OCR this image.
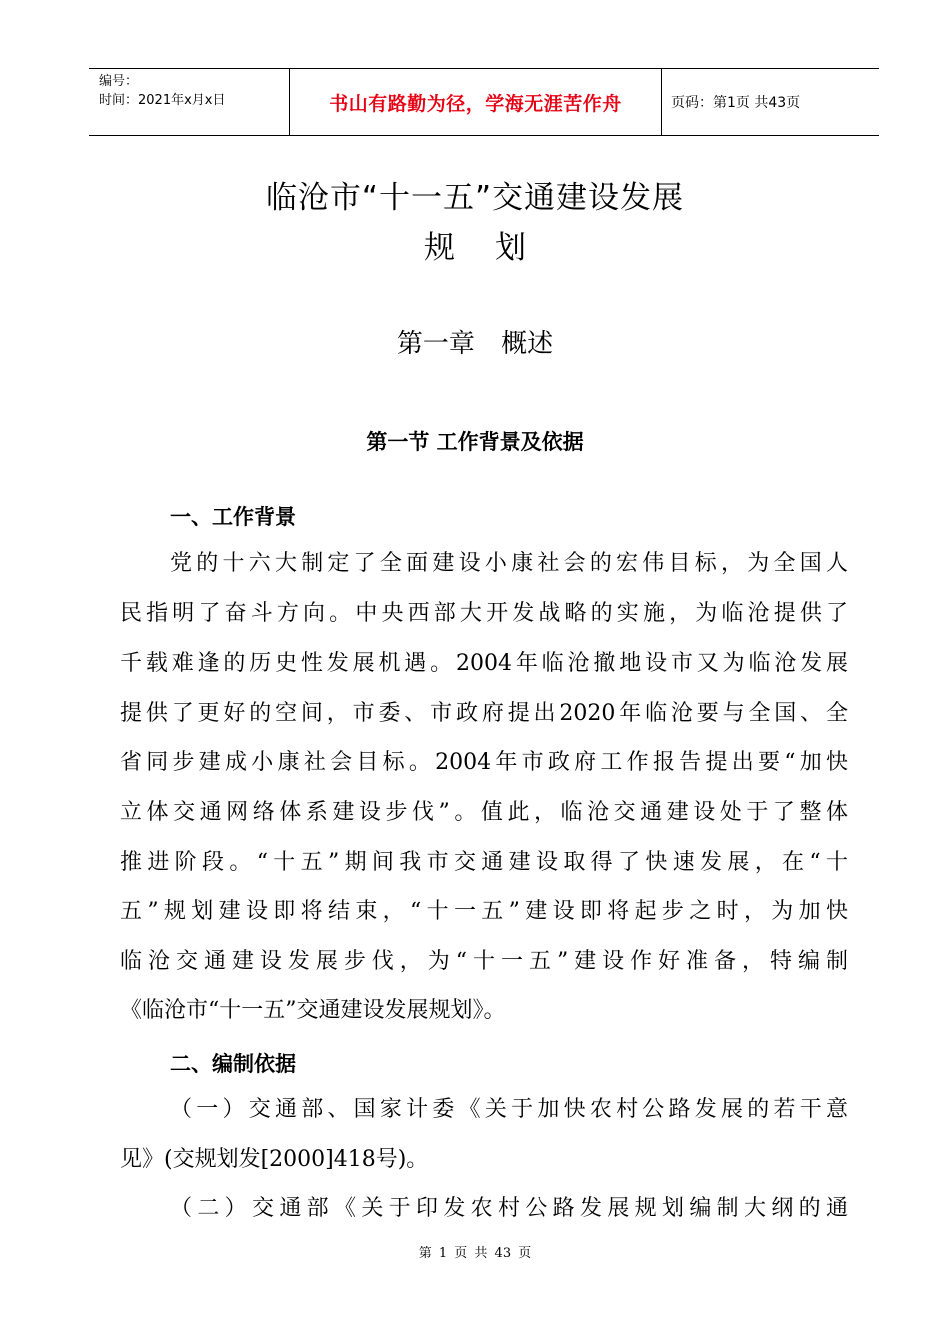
编号：
时间：2021年x月x日	书山有路勤为径，学海无涯苦作舟	页码：第1页 共43页
临沧市“十一五”交通建设发展
规划
第一章 概述
第一节 工作背景及依据
一、工作背景
党的十六大制定了全面建设小康社会的宏伟目标，为全国人
民指明了奋斗方向。中央西部大开发战略的实施，为临沧提供了
千载难逢的历史性发展机遇。2004年临沧撤地设市又为临沧发展
提供了更好的空间，市委、市政府提出2020年临沧要与全国、全
省同步建成小康社会目标。2004年市政府工作报告提出要“加快
立体交通网络体系建设步伐”。值此，临沧交通建设处于了整体
推进阶段。“十五”期间我市交通建设取得了快速发展，在“十
五”规划建设即将结束，“十一五”建设即将起步之时，为加快
临沧交通建设发展步伐，为“十一五”建设作好准备，特编制
《临沧市“十一五”交通建设发展规划》。
二、编制依据
（一）交通部、国家计委《关于加快农村公路发展的若干意
见》(交规划发[2000]418号)。
（二）交通部《关于印发农村公路发展规划编制大纲的通
第 1 页 共 43 页
